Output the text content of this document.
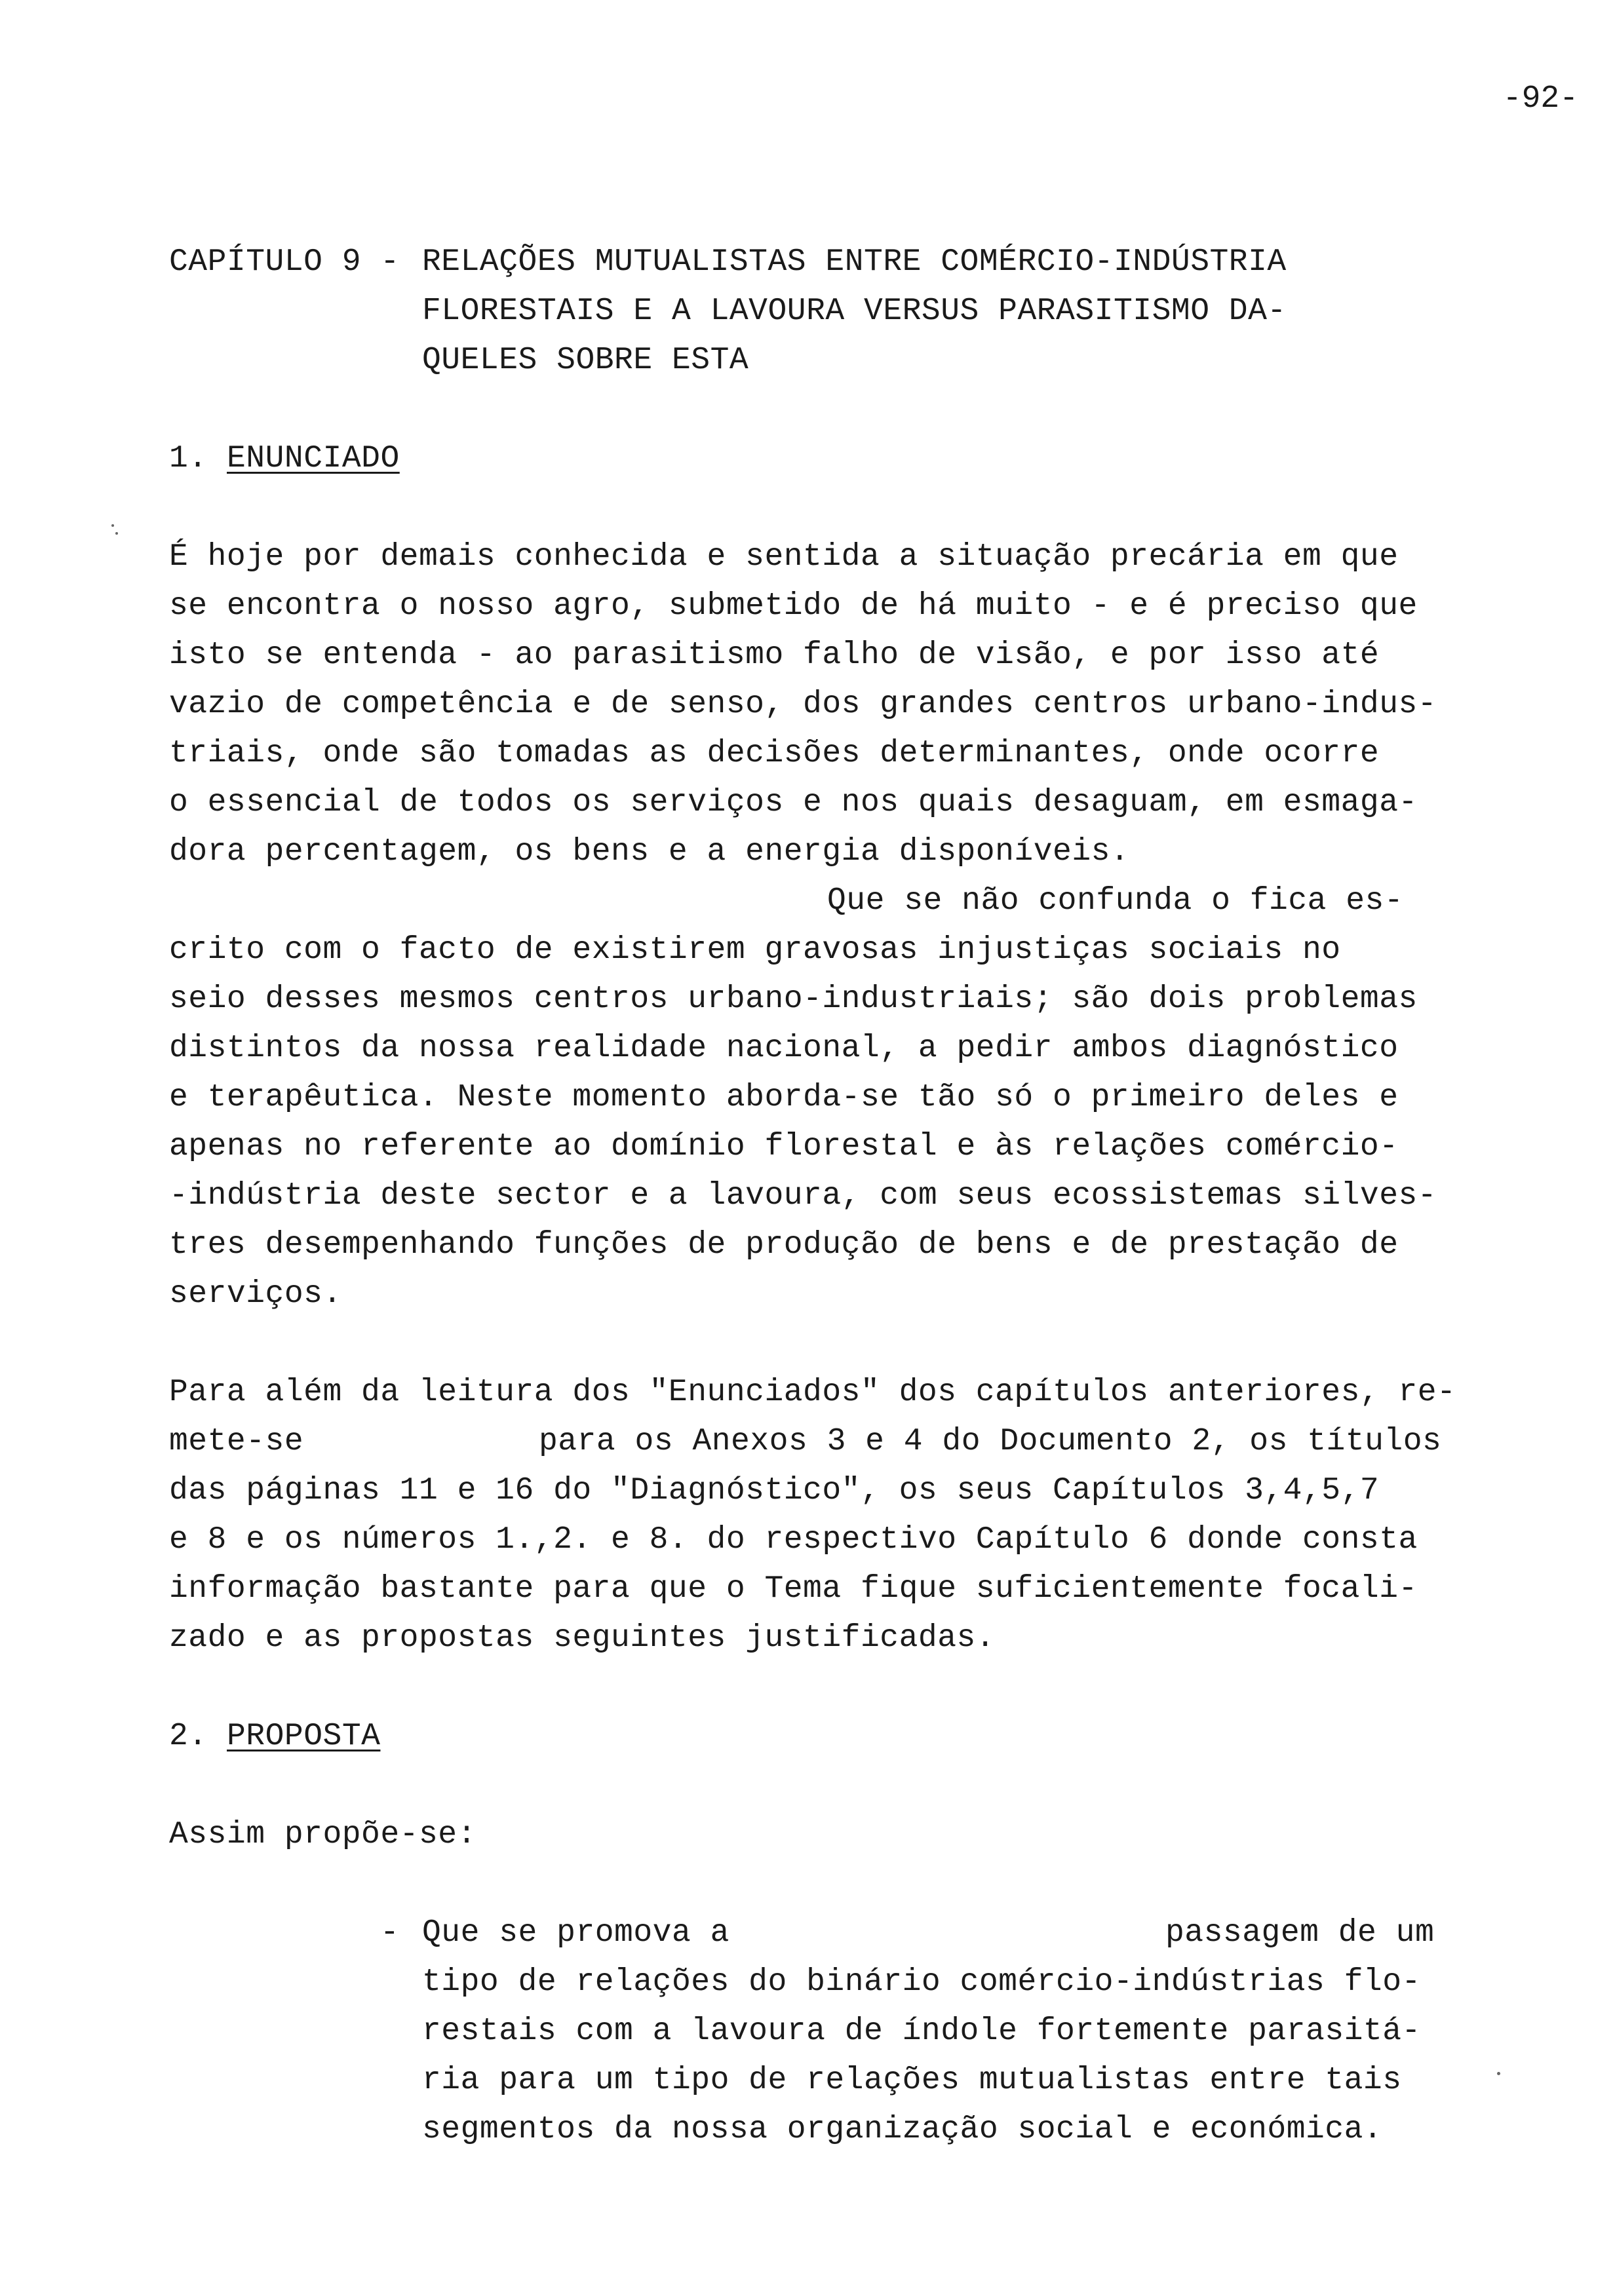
-92-
CAPÍTULO 9 - RELAÇÕES MUTUALISTAS ENTRE COMÉRCIO-INDÚSTRIA
FLORESTAIS E A LAVOURA VERSUS PARASITISMO DA-
QUELES SOBRE ESTA
1. ENUNCIADO
É hoje por demais conhecida e sentida a situação precária em que
se encontra o nosso agro, submetido de há muito - e é preciso que
isto se entenda - ao parasitismo falho de visão, e por isso até
vazio de competência e de senso, dos grandes centros urbano-indus-
triais, onde são tomadas as decisões determinantes, onde ocorre
o essencial de todos os serviços e nos quais desaguam, em esmaga-
dora percentagem, os bens e a energia disponíveis.
Que se não confunda o fica es-
crito com o facto de existirem gravosas injustiças sociais no
seio desses mesmos centros urbano-industriais; são dois problemas
distintos da nossa realidade nacional, a pedir ambos diagnóstico
e terapêutica. Neste momento aborda-se tão só o primeiro deles e
apenas no referente ao domínio florestal e às relações comércio-
-indústria deste sector e a lavoura, com seus ecossistemas silves-
tres desempenhando funções de produção de bens e de prestação de
serviços.
Para além da leitura dos "Enunciados" dos capítulos anteriores, re-
mete-se	para os Anexos 3 e 4 do Documento 2, os títulos
das páginas 11 e 16 do "Diagnóstico", os seus Capítulos 3,4,5,7
e 8 e os números 1.,2. e 8. do respectivo Capítulo 6 donde consta
informação bastante para que o Tema fique suficientemente focali-
zado e as propostas seguintes justificadas.
2. PROPOSTA
Assim propõe-se:
- Que se promova a	passagem de um
tipo de relações do binário comércio-indústrias flo-
restais com a lavoura de índole fortemente parasitá-
ria para um tipo de relações mutualistas entre tais
segmentos da nossa organização social e económica.
